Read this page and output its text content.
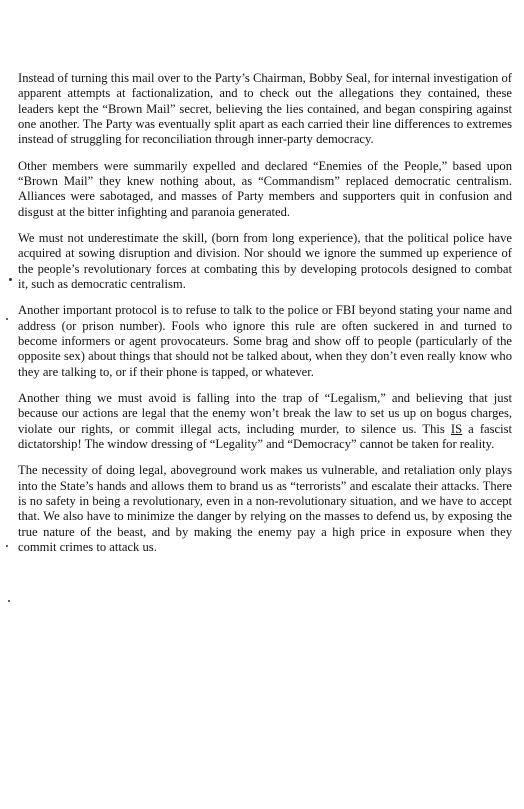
Instead of turning this mail over to the Party’s Chairman, Bobby Seal, for internal investigation of apparent attempts at factionalization, and to check out the allegations they contained, these leaders kept the “Brown Mail” secret, believing the lies contained, and began conspiring against one another. The Party was eventually split apart as each carried their line differences to extremes instead of struggling for reconciliation through inner-party democracy.

Other members were summarily expelled and declared “Enemies of the People,” based upon “Brown Mail” they knew nothing about, as “Commandism” replaced democratic centralism. Alliances were sabotaged, and masses of Party members and supporters quit in confusion and disgust at the bitter infighting and paranoia generated.

We must not underestimate the skill, (born from long experience), that the political police have acquired at sowing disruption and division. Nor should we ignore the summed up experience of the people’s revolutionary forces at combating this by developing protocols designed to combat it, such as democratic centralism.

Another important protocol is to refuse to talk to the police or FBI beyond stating your name and address (or prison number). Fools who ignore this rule are often suckered in and turned to become informers or agent provocateurs. Some brag and show off to people (particularly of the opposite sex) about things that should not be talked about, when they don’t even really know who they are talking to, or if their phone is tapped, or whatever.

Another thing we must avoid is falling into the trap of “Legalism,” and believing that just because our actions are legal that the enemy won’t break the law to set us up on bogus charges, violate our rights, or commit illegal acts, including murder, to silence us. This IS a fascist dictatorship! The window dressing of “Legality” and “Democracy” cannot be taken for reality.

The necessity of doing legal, aboveground work makes us vulnerable, and retaliation only plays into the State’s hands and allows them to brand us as “terrorists” and escalate their attacks. There is no safety in being a revolutionary, even in a non-revolutionary situation, and we have to accept that. We also have to minimize the danger by relying on the masses to defend us, by exposing the true nature of the beast, and by making the enemy pay a high price in exposure when they commit crimes to attack us.
